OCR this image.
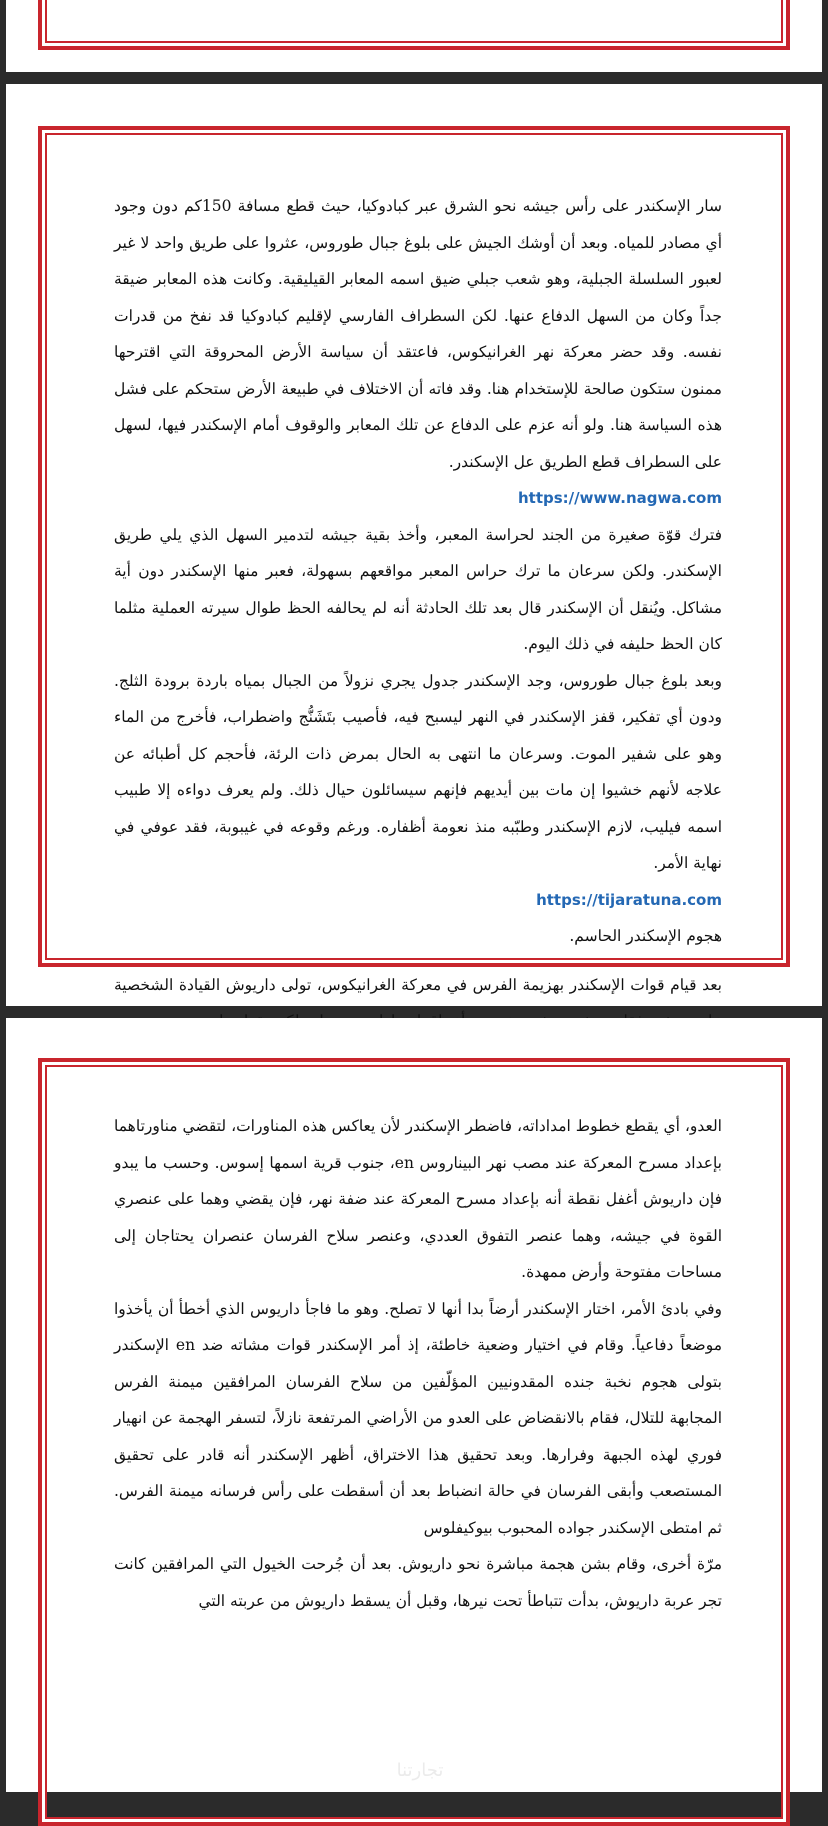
سار الإسكندر على رأس جيشه نحو الشرق عبر كبادوكيا، حيث قطع مسافة 150كم دون وجود أي مصادر للمياه. وبعد أن أوشك الجيش على بلوغ جبال طوروس، عثروا على طريق واحد لا غير لعبور السلسلة الجبلية، وهو شعب جبلي ضيق اسمه المعابر القيليقية. وكانت هذه المعابر ضيقة جداً وكان من السهل الدفاع عنها. لكن السطراف الفارسي لإقليم كبادوكيا قد نفخ من قدرات نفسه. وقد حضر معركة نهر الغرانيكوس، فاعتقد أن سياسة الأرض المحروقة التي اقترحها ممنون ستكون صالحة للإستخدام هنا. وقد فاته أن الاختلاف في طبيعة الأرض ستحكم على فشل هذه السياسة هنا. ولو أنه عزم على الدفاع عن تلك المعابر والوقوف أمام الإسكندر فيها، لسهل على السطراف قطع الطريق عل الإسكندر.

https://www.nagwa.com

فترك قوّة صغيرة من الجند لحراسة المعبر، وأخذ بقية جيشه لتدمير السهل الذي يلي طريق الإسكندر. ولكن سرعان ما ترك حراس المعبر مواقعهم بسهولة، فعبر منها الإسكندر دون أية مشاكل. ويُنقل أن الإسكندر قال بعد تلك الحادثة أنه لم يحالفه الحظ طوال سيرته العملية مثلما كان الحظ حليفه في ذلك اليوم.

وبعد بلوغ جبال طوروس، وجد الإسكندر جدول يجري نزولاً من الجبال بمياه باردة برودة الثلج. ودون أي تفكير، قفز الإسكندر في النهر ليسبح فيه، فأصيب بتَشَنُّج واضطراب، فأخرج من الماء وهو على شفير الموت. وسرعان ما انتهى به الحال بمرض ذات الرئة، فأحجم كل أطبائه عن علاجه لأنهم خشيوا إن مات بين أيديهم فإنهم سيسائلون حيال ذلك. ولم يعرف دواءه إلا طبيب اسمه فيليب، لازم الإسكندر وطبّبه منذ نعومة أظفاره. ورغم وقوعه في غيبوبة، فقد عوفي في نهاية الأمر.

https://tijaratuna.com

هجوم الإسكندر الحاسم.

بعد قيام قوات الإسكندر بهزيمة الفرس في معركة الغرانيكوس، تولى داريوش القيادة الشخصية

العدو، أي يقطع خطوط امداداته، فاضطر الإسكندر لأن يعاكس هذه المناورات، لتقضي مناورتاهما بإعداد مسرح المعركة عند مصب نهر البيناروس en، جنوب قرية اسمها إسوس. وحسب ما يبدو فإن داريوش أغفل نقطة أنه بإعداد مسرح المعركة عند ضفة نهر، فإن يقضي وهما على عنصري القوة في جيشه، وهما عنصر التفوق العددي، وعنصر سلاح الفرسان عنصران يحتاجان إلى مساحات مفتوحة وأرض ممهدة.

وفي بادئ الأمر، اختار الإسكندر أرضاً بدا أنها لا تصلح. وهو ما فاجأ داريوس الذي أخطأ أن يأخذوا موضعاً دفاعياً. وقام في اختيار وضعية خاطئة، إذ أمر الإسكندر قوات مشاته ضد en الإسكندر بتولى هجوم نخبة جنده المقدونيين المؤلّفين من سلاح الفرسان المرافقين ميمنة الفرس المجابهة للتلال، فقام بالانقضاض على العدو من الأراضي المرتفعة نازلاً، لتسفر الهجمة عن انهيار فوري لهذه الجبهة وفرارها. وبعد تحقيق هذا الاختراق، أظهر الإسكندر أنه قادر على تحقيق المستصعب وأبقى الفرسان في حالة انضباط بعد أن أسقطت على رأس فرسانه ميمنة الفرس. ثم امتطى الإسكندر جواده المحبوب بيوكيفلوس

مرّة أخرى، وقام بشن هجمة مباشرة نحو داريوش. بعد أن جُرحت الخيول التي المرافقين كانت تجر عربة داريوش، بدأت تتباطأ تحت نيرها، وقبل أن يسقط داريوش من عربته التي

تجارتنا
